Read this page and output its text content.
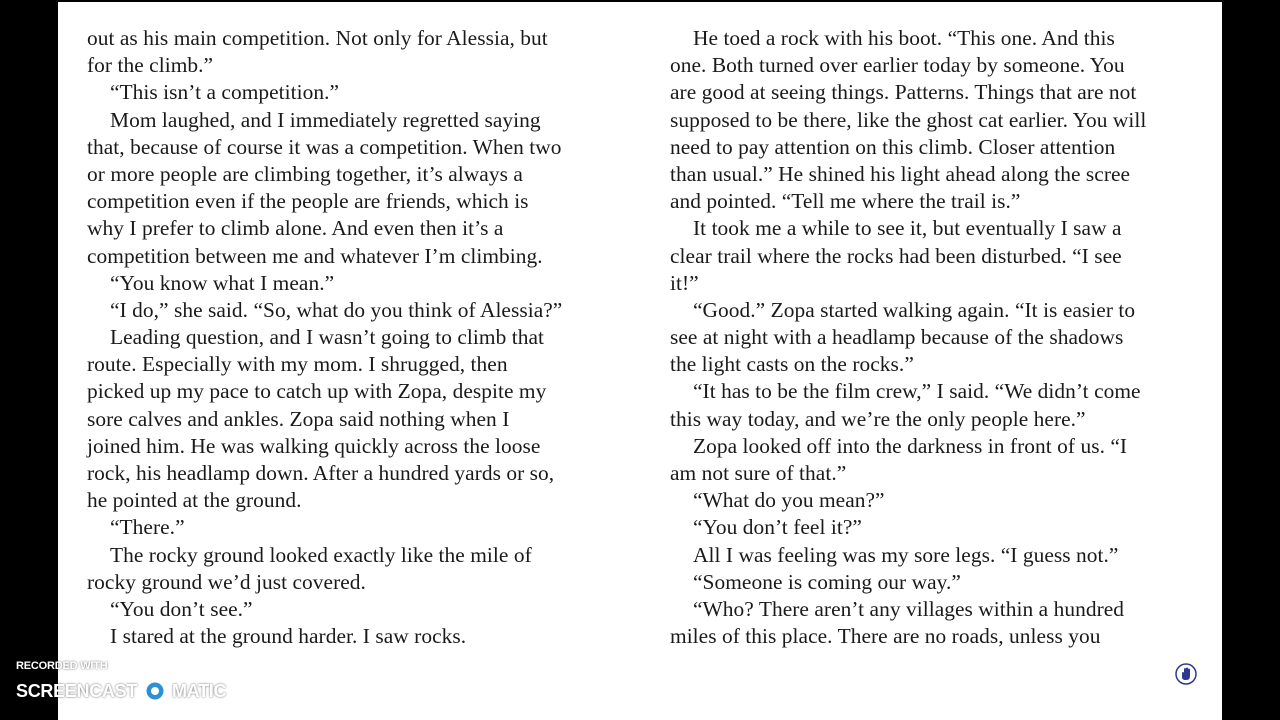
out as his main competition. Not only for Alessia, but
for the climb.”
“This isn’t a competition.”
Mom laughed, and I immediately regretted saying
that, because of course it was a competition. When two
or more people are climbing together, it’s always a
competition even if the people are friends, which is
why I prefer to climb alone. And even then it’s a
competition between me and whatever I’m climbing.
“You know what I mean.”
“I do,” she said. “So, what do you think of Alessia?”
Leading question, and I wasn’t going to climb that
route. Especially with my mom. I shrugged, then
picked up my pace to catch up with Zopa, despite my
sore calves and ankles. Zopa said nothing when I
joined him. He was walking quickly across the loose
rock, his headlamp down. After a hundred yards or so,
he pointed at the ground.
“There.”
The rocky ground looked exactly like the mile of
rocky ground we’d just covered.
“You don’t see.”
I stared at the ground harder. I saw rocks.
He toed a rock with his boot. “This one. And this
one. Both turned over earlier today by someone. You
are good at seeing things. Patterns. Things that are not
supposed to be there, like the ghost cat earlier. You will
need to pay attention on this climb. Closer attention
than usual.” He shined his light ahead along the scree
and pointed. “Tell me where the trail is.”
It took me a while to see it, but eventually I saw a
clear trail where the rocks had been disturbed. “I see
it!”
“Good.” Zopa started walking again. “It is easier to
see at night with a headlamp because of the shadows
the light casts on the rocks.”
“It has to be the film crew,” I said. “We didn’t come
this way today, and we’re the only people here.”
Zopa looked off into the darkness in front of us. “I
am not sure of that.”
“What do you mean?”
“You don’t feel it?”
All I was feeling was my sore legs. “I guess not.”
“Someone is coming our way.”
“Who? There aren’t any villages within a hundred
miles of this place. There are no roads, unless you
RECORDED WITH
SCREENCAST MATIC
